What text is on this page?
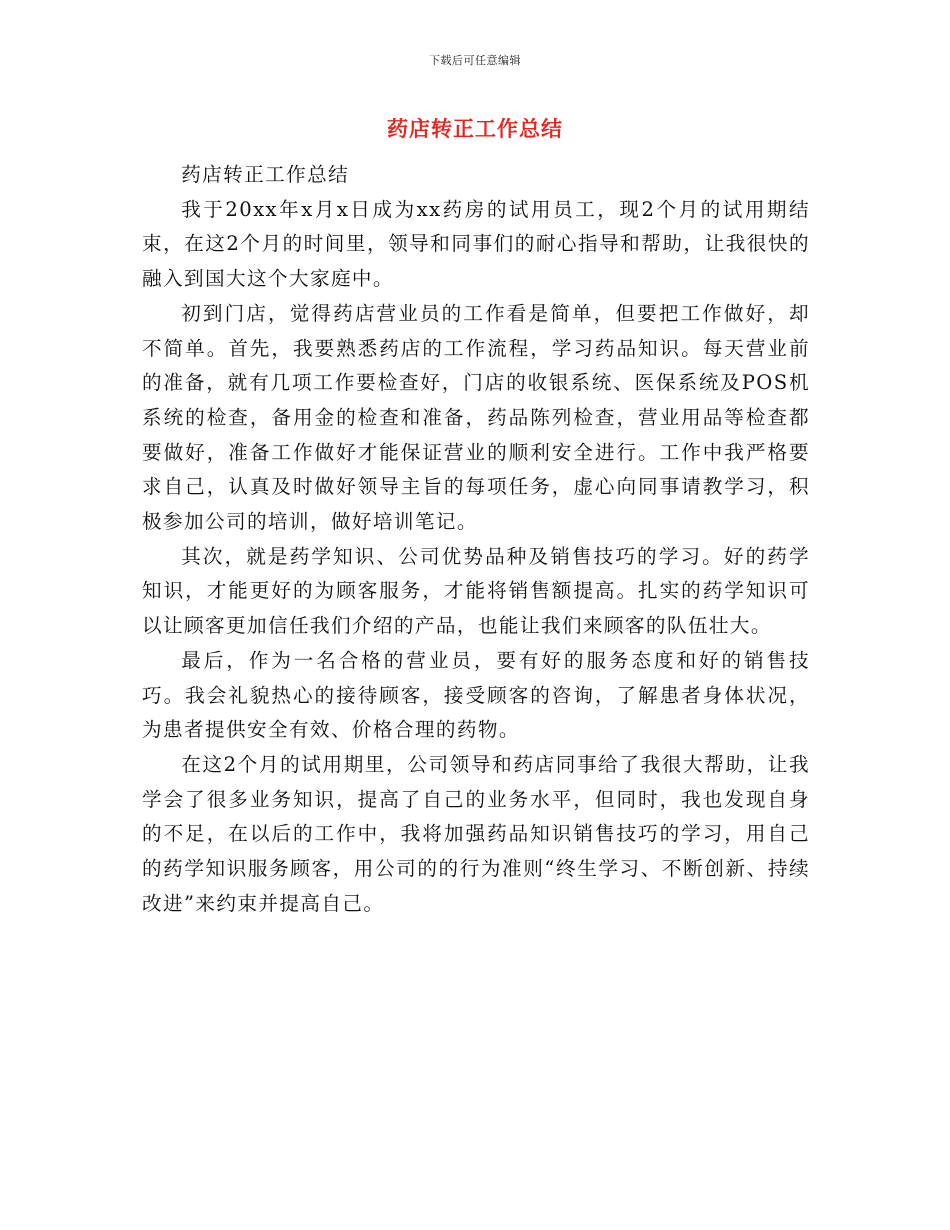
下载后可任意编辑
药店转正工作总结

药店转正工作总结

我于20xx年x月x日成为xx药房的试用员工，现2个月的试用期结束，在这2个月的时间里，领导和同事们的耐心指导和帮助，让我很快的融入到国大这个大家庭中。

初到门店，觉得药店营业员的工作看是简单，但要把工作做好，却不简单。首先，我要熟悉药店的工作流程，学习药品知识。每天营业前的准备，就有几项工作要检查好，门店的收银系统、医保系统及POS机系统的检查，备用金的检查和准备，药品陈列检查，营业用品等检查都要做好，准备工作做好才能保证营业的顺利安全进行。工作中我严格要求自己，认真及时做好领导主旨的每项任务，虚心向同事请教学习，积极参加公司的培训，做好培训笔记。

其次，就是药学知识、公司优势品种及销售技巧的学习。好的药学知识，才能更好的为顾客服务，才能将销售额提高。扎实的药学知识可以让顾客更加信任我们介绍的产品，也能让我们来顾客的队伍壮大。

最后，作为一名合格的营业员，要有好的服务态度和好的销售技巧。我会礼貌热心的接待顾客，接受顾客的咨询，了解患者身体状况，为患者提供安全有效、价格合理的药物。

在这2个月的试用期里，公司领导和药店同事给了我很大帮助，让我学会了很多业务知识，提高了自己的业务水平，但同时，我也发现自身的不足，在以后的工作中，我将加强药品知识销售技巧的学习，用自己的药学知识服务顾客，用公司的的行为准则“终生学习、不断创新、持续改进”来约束并提高自己。
